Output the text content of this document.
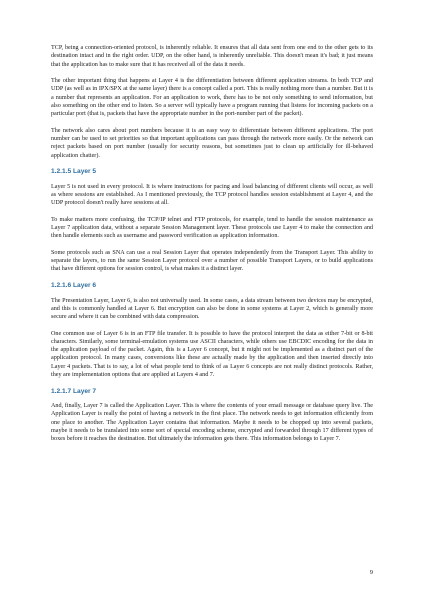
TCP, being a connection-oriented protocol, is inherently reliable. It ensures that all data sent from one end to the other gets to its destination intact and in the right order. UDP, on the other hand, is inherently unreliable. This doesn't mean it's bad; it just means that the application has to make sure that it has received all of the data it needs.

The other important thing that happens at Layer 4 is the differentiation between different application streams. In both TCP and UDP (as well as in IPX/SPX at the same layer) there is a concept called a port. This is really nothing more than a number. But it is a number that represents an application. For an application to work, there has to be not only something to send information, but also something on the other end to listen. So a server will typically have a program running that listens for incoming packets on a particular port (that is, packets that have the appropriate number in the port-number part of the packet).

The network also cares about port numbers because it is an easy way to differentiate between different applications. The port number can be used to set priorities so that important applications can pass through the network more easily. Or the network can reject packets based on port number (usually for security reasons, but sometimes just to clean up artificially for ill-behaved application chatter).

1.2.1.5 Layer 5

Layer 5 is not used in every protocol. It is where instructions for pacing and load balancing of different clients will occur, as well as where sessions are established. As I mentioned previously, the TCP protocol handles session establishment at Layer 4, and the UDP protocol doesn't really have sessions at all.

To make matters more confusing, the TCP/IP telnet and FTP protocols, for example, tend to handle the session maintenance as Layer 7 application data, without a separate Session Management layer. These protocols use Layer 4 to make the connection and then handle elements such as username and password verification as application information.

Some protocols such as SNA can use a real Session Layer that operates independently from the Transport Layer. This ability to separate the layers, to run the same Session Layer protocol over a number of possible Transport Layers, or to build applications that have different options for session control, is what makes it a distinct layer.

1.2.1.6 Layer 6

The Presentation Layer, Layer 6, is also not universally used. In some cases, a data stream between two devices may be encrypted, and this is commonly handled at Layer 6. But encryption can also be done in some systems at Layer 2, which is generally more secure and where it can be combined with data compression.

One common use of Layer 6 is in an FTP file transfer. It is possible to have the protocol interpret the data as either 7-bit or 8-bit characters. Similarly, some terminal-emulation systems use ASCII characters, while others use EBCDIC encoding for the data in the application payload of the packet. Again, this is a Layer 6 concept, but it might not be implemented as a distinct part of the application protocol. In many cases, conversions like these are actually made by the application and then inserted directly into Layer 4 packets. That is to say, a lot of what people tend to think of as Layer 6 concepts are not really distinct protocols. Rather, they are implementation options that are applied at Layers 4 and 7.

1.2.1.7 Layer 7

And, finally, Layer 7 is called the Application Layer. This is where the contents of your email message or database query live. The Application Layer is really the point of having a network in the first place. The network needs to get information efficiently from one place to another. The Application Layer contains that information. Maybe it needs to be chopped up into several packets, maybe it needs to be translated into some sort of special encoding scheme, encrypted and forwarded through 17 different types of boxes before it reaches the destination. But ultimately the information gets there. This information belongs to Layer 7.

9
